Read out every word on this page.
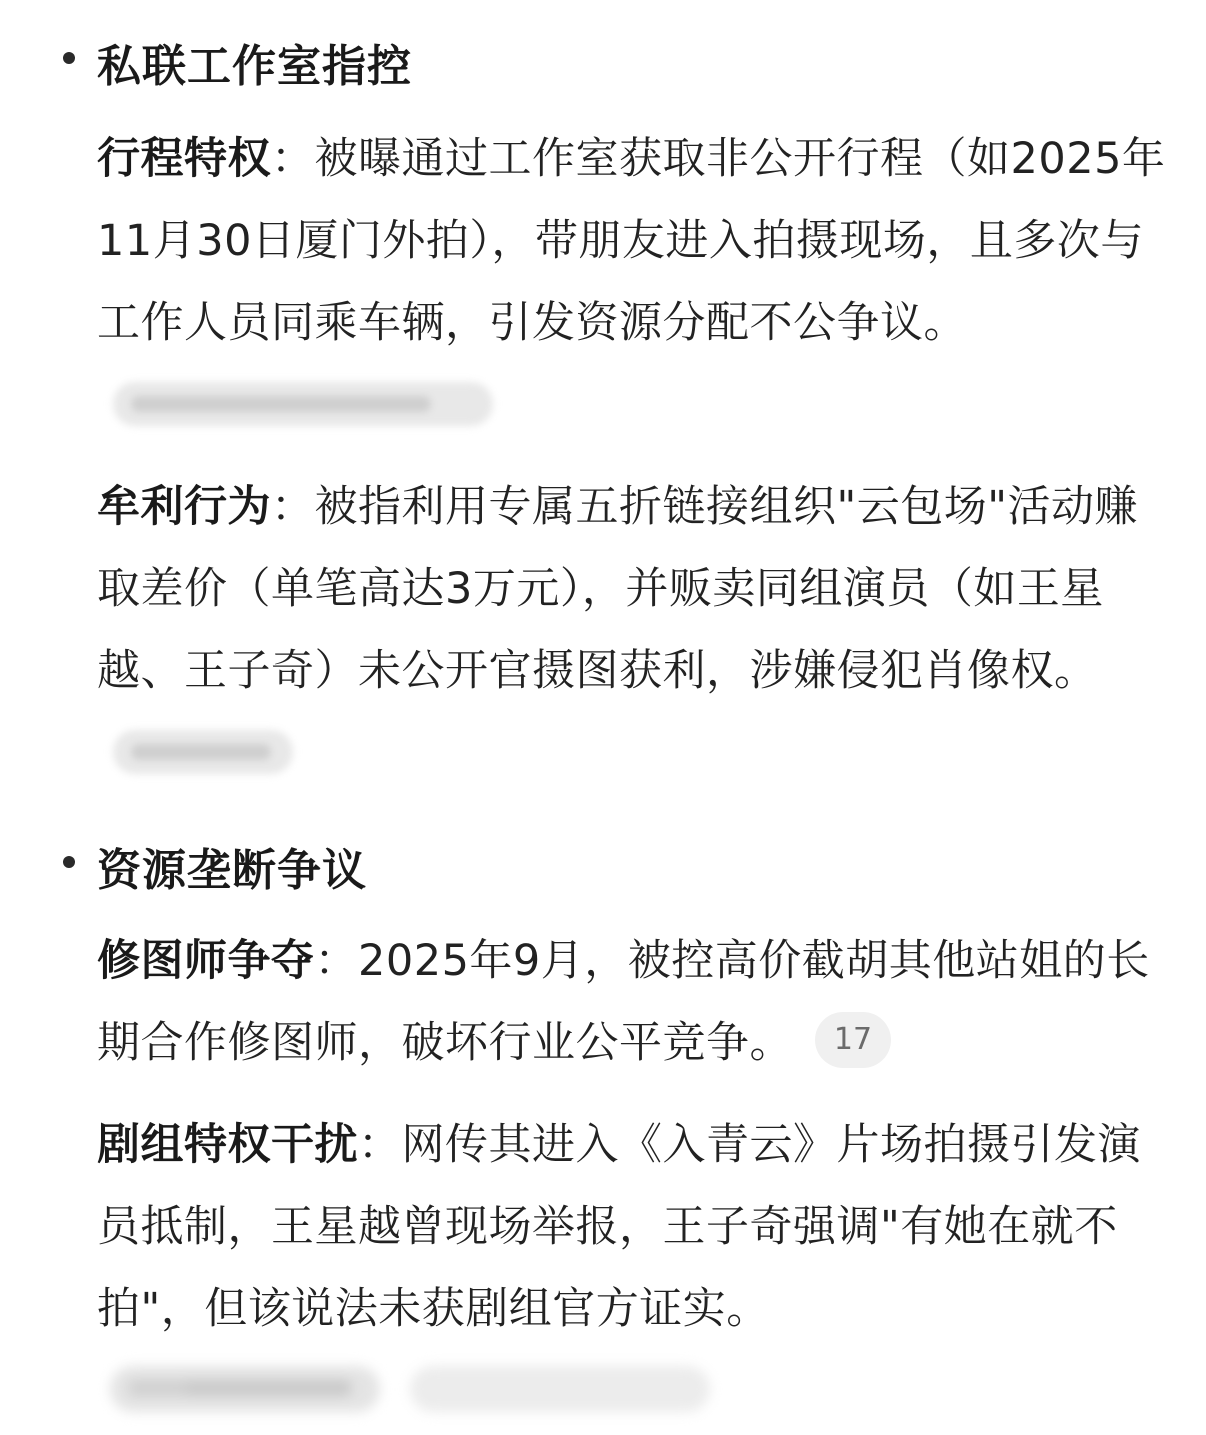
私联工作室指控
行程特权：被曝通过工作室获取非公开行程（如2025年11月30日厦门外拍），带朋友进入拍摄现场，且多次与工作人员同乘车辆，引发资源分配不公争议。
牟利行为：被指利用专属五折链接组织"云包场"活动赚取差价（单笔高达3万元），并贩卖同组演员（如王星越、王子奇）未公开官摄图获利，涉嫌侵犯肖像权。
资源垄断争议
修图师争夺：2025年9月，被控高价截胡其他站姐的长期合作修图师，破坏行业公平竞争。 17
剧组特权干扰：网传其进入《入青云》片场拍摄引发演员抵制，王星越曾现场举报，王子奇强调"有她在就不拍"，但该说法未获剧组官方证实。
